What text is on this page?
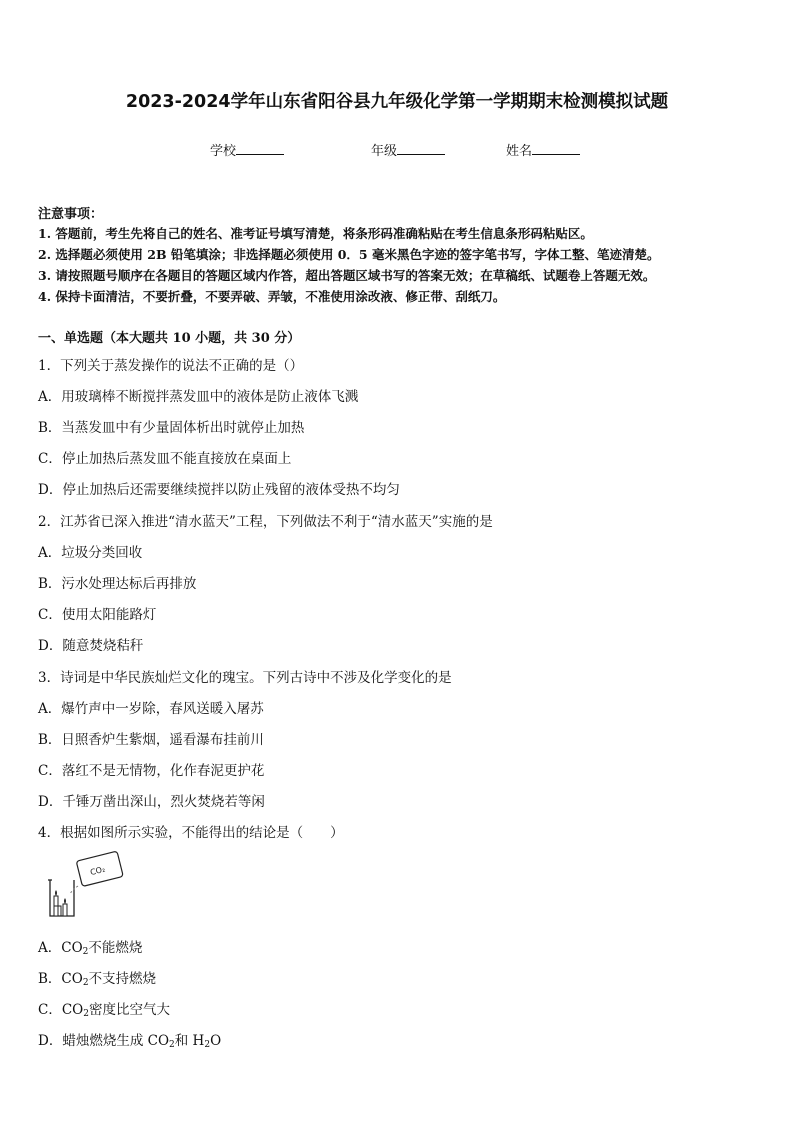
2023-2024学年山东省阳谷县九年级化学第一学期期末检测模拟试题
学校	年级	姓名
注意事项：
1. 答题前，考生先将自己的姓名、准考证号填写清楚，将条形码准确粘贴在考生信息条形码粘贴区。
2. 选择题必须使用 2B 铅笔填涂；非选择题必须使用 0．5 毫米黑色字迹的签字笔书写，字体工整、笔迹清楚。
3. 请按照题号顺序在各题目的答题区域内作答，超出答题区域书写的答案无效；在草稿纸、试题卷上答题无效。
4. 保持卡面清洁，不要折叠，不要弄破、弄皱，不准使用涂改液、修正带、刮纸刀。
一、单选题（本大题共 10 小题，共 30 分）
1．下列关于蒸发操作的说法不正确的是（）
A．用玻璃棒不断搅拌蒸发皿中的液体是防止液体飞溅
B．当蒸发皿中有少量固体析出时就停止加热
C．停止加热后蒸发皿不能直接放在桌面上
D．停止加热后还需要继续搅拌以防止残留的液体受热不均匀
2．江苏省已深入推进“清水蓝天”工程，下列做法不利于“清水蓝天”实施的是
A．垃圾分类回收
B．污水处理达标后再排放
C．使用太阳能路灯
D．随意焚烧秸秆
3．诗词是中华民族灿烂文化的瑰宝。下列古诗中不涉及化学变化的是
A．爆竹声中一岁除，春风送暖入屠苏
B．日照香炉生紫烟，遥看瀑布挂前川
C．落红不是无情物，化作春泥更护花
D．千锤万凿出深山，烈火焚烧若等闲
4．根据如图所示实验，不能得出的结论是（　　）
CO₂
A．$CO_2$不能燃烧
B．$CO_2$不支持燃烧
C．$CO_2$密度比空气大
D．蜡烛燃烧生成 $CO_2$和 $H_2O$
